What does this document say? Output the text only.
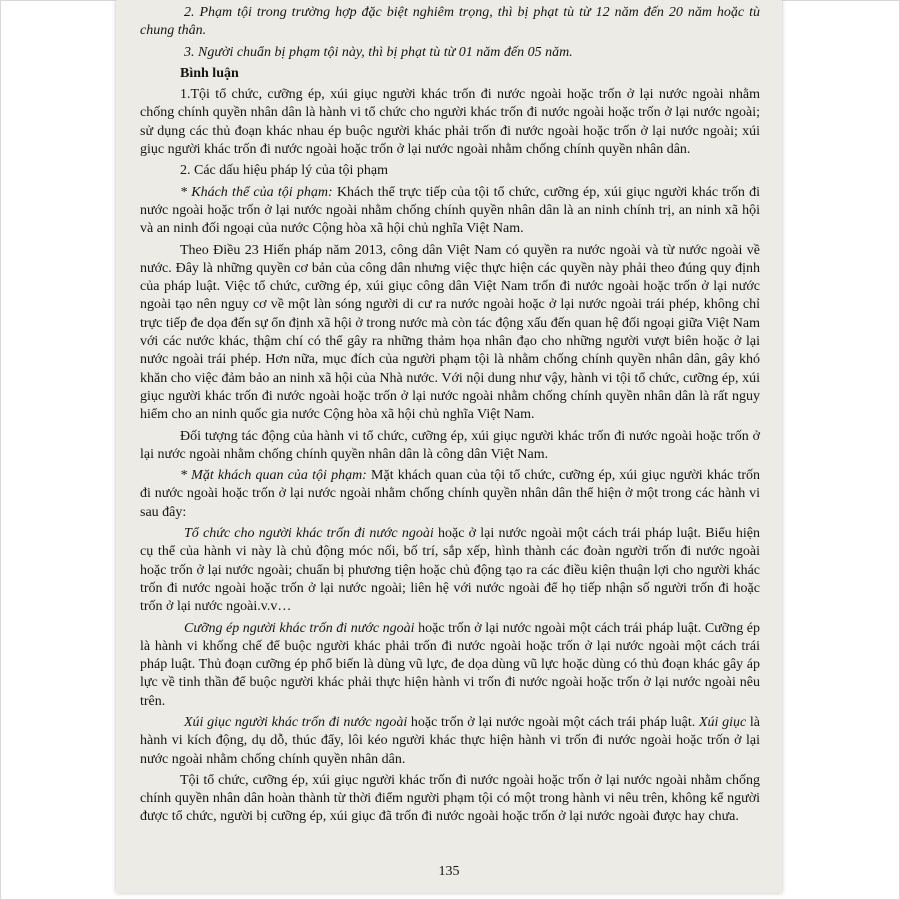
2. Phạm tội trong trường hợp đặc biệt nghiêm trọng, thì bị phạt tù từ 12 năm đến 20 năm hoặc tù chung thân.

3. Người chuẩn bị phạm tội này, thì bị phạt tù từ 01 năm đến 05 năm.

Bình luận

1.Tội tổ chức, cưỡng ép, xúi giục người khác trốn đi nước ngoài hoặc trốn ở lại nước ngoài nhằm chống chính quyền nhân dân là hành vi tổ chức cho người khác trốn đi nước ngoài hoặc trốn ở lại nước ngoài; sử dụng các thủ đoạn khác nhau ép buộc người khác phải trốn đi nước ngoài hoặc trốn ở lại nước ngoài; xúi giục người khác trốn đi nước ngoài hoặc trốn ở lại nước ngoài nhằm chống chính quyền nhân dân.

2. Các dấu hiệu pháp lý của tội phạm

* Khách thể của tội phạm: Khách thể trực tiếp của tội tổ chức, cưỡng ép, xúi giục người khác trốn đi nước ngoài hoặc trốn ở lại nước ngoài nhằm chống chính quyền nhân dân là an ninh chính trị, an ninh xã hội và an ninh đối ngoại của nước Cộng hòa xã hội chủ nghĩa Việt Nam.

Theo Điều 23 Hiến pháp năm 2013, công dân Việt Nam có quyền ra nước ngoài và từ nước ngoài về nước. Đây là những quyền cơ bản của công dân nhưng việc thực hiện các quyền này phải theo đúng quy định của pháp luật. Việc tổ chức, cưỡng ép, xúi giục công dân Việt Nam trốn đi nước ngoài hoặc trốn ở lại nước ngoài tạo nên nguy cơ về một làn sóng người di cư ra nước ngoài hoặc ở lại nước ngoài trái phép, không chỉ trực tiếp đe dọa đến sự ổn định xã hội ở trong nước mà còn tác động xấu đến quan hệ đối ngoại giữa Việt Nam với các nước khác, thậm chí có thể gây ra những thảm họa nhân đạo cho những người vượt biên hoặc ở lại nước ngoài trái phép. Hơn nữa, mục đích của người phạm tội là nhằm chống chính quyền nhân dân, gây khó khăn cho việc đảm bảo an ninh xã hội của Nhà nước. Với nội dung như vậy, hành vi tội tổ chức, cưỡng ép, xúi giục người khác trốn đi nước ngoài hoặc trốn ở lại nước ngoài nhằm chống chính quyền nhân dân là rất nguy hiểm cho an ninh quốc gia nước Cộng hòa xã hội chủ nghĩa Việt Nam.

Đối tượng tác động của hành vi tổ chức, cưỡng ép, xúi giục người khác trốn đi nước ngoài hoặc trốn ở lại nước ngoài nhằm chống chính quyền nhân dân là công dân Việt Nam.

* Mặt khách quan của tội phạm: Mặt khách quan của tội tổ chức, cưỡng ép, xúi giục người khác trốn đi nước ngoài hoặc trốn ở lại nước ngoài nhằm chống chính quyền nhân dân thể hiện ở một trong các hành vi sau đây:

Tổ chức cho người khác trốn đi nước ngoài hoặc ở lại nước ngoài một cách trái pháp luật. Biểu hiện cụ thể của hành vi này là chủ động móc nối, bố trí, sắp xếp, hình thành các đoàn người trốn đi nước ngoài hoặc trốn ở lại nước ngoài; chuẩn bị phương tiện hoặc chủ động tạo ra các điều kiện thuận lợi cho người khác trốn đi nước ngoài hoặc trốn ở lại nước ngoài; liên hệ với nước ngoài để họ tiếp nhận số người trốn đi hoặc trốn ở lại nước ngoài.v.v…

Cưỡng ép người khác trốn đi nước ngoài hoặc trốn ở lại nước ngoài một cách trái pháp luật. Cưỡng ép là hành vi khống chế để buộc người khác phải trốn đi nước ngoài hoặc trốn ở lại nước ngoài một cách trái pháp luật. Thủ đoạn cưỡng ép phổ biến là dùng vũ lực, đe dọa dùng vũ lực hoặc dùng có thủ đoạn khác gây áp lực về tinh thần để buộc người khác phải thực hiện hành vi trốn đi nước ngoài hoặc trốn ở lại nước ngoài nêu trên.

Xúi giục người khác trốn đi nước ngoài hoặc trốn ở lại nước ngoài một cách trái pháp luật. Xúi giục là hành vi kích động, dụ dỗ, thúc đẩy, lôi kéo người khác thực hiện hành vi trốn đi nước ngoài hoặc trốn ở lại nước ngoài nhằm chống chính quyền nhân dân.

Tội tổ chức, cưỡng ép, xúi giục người khác trốn đi nước ngoài hoặc trốn ở lại nước ngoài nhằm chống chính quyền nhân dân hoàn thành từ thời điểm người phạm tội có một trong hành vi nêu trên, không kể người được tổ chức, người bị cưỡng ép, xúi giục đã trốn đi nước ngoài hoặc trốn ở lại nước ngoài được hay chưa.

135
